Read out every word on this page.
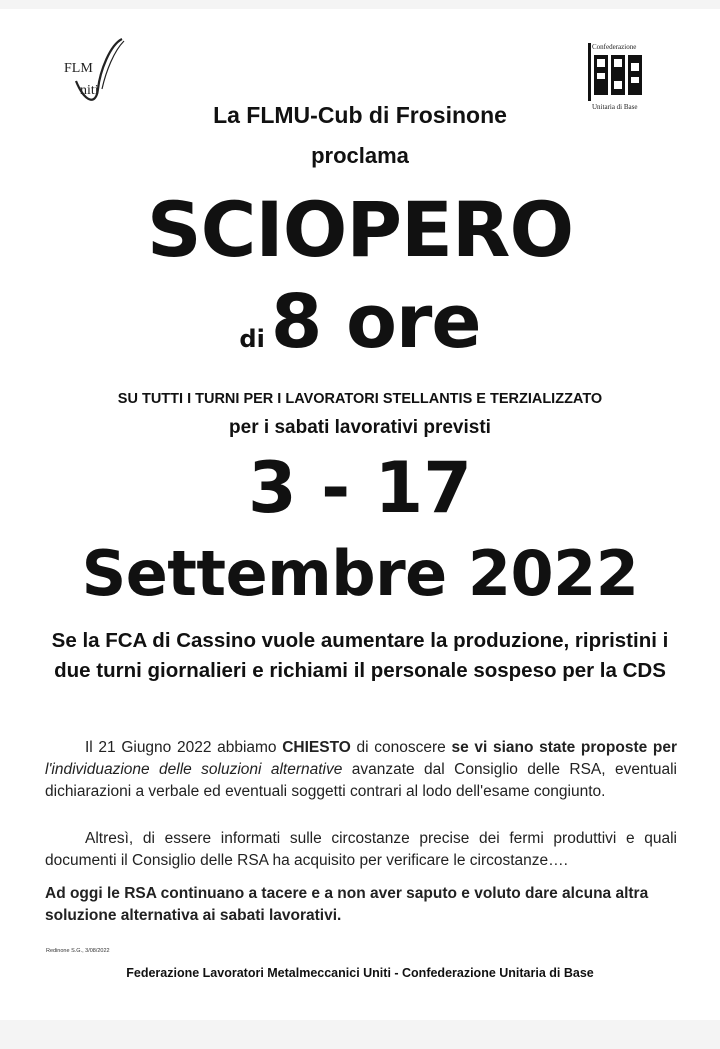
FLM
niti
Confederazione
Unitaria di Base
La FLMU-Cub di Frosinone
proclama
SCIOPERO
di8 ore
SU TUTTI I TURNI PER I LAVORATORI STELLANTIS E TERZIALIZZATO
per i sabati lavorativi previsti
3 - 17
Settembre 2022
Se la FCA di Cassino vuole aumentare la produzione, ripristini i due turni giornalieri e richiami il personale sospeso per la CDS
Il 21 Giugno 2022 abbiamo CHIESTO di conoscere se vi siano state proposte per l'individuazione delle soluzioni alternative avanzate dal Consiglio delle RSA, eventuali dichiarazioni a verbale ed eventuali soggetti contrari al lodo dell'esame congiunto.
Altresì, di essere informati sulle circostanze precise dei fermi produttivi e quali documenti il Consiglio delle RSA ha acquisito per verificare le circostanze….
Ad oggi le RSA continuano a tacere e a non aver saputo e voluto dare alcuna altra soluzione alternativa ai sabati lavorativi.
Redinone S.G., 3/08/2022
Federazione Lavoratori Metalmeccanici Uniti - Confederazione Unitaria di Base
